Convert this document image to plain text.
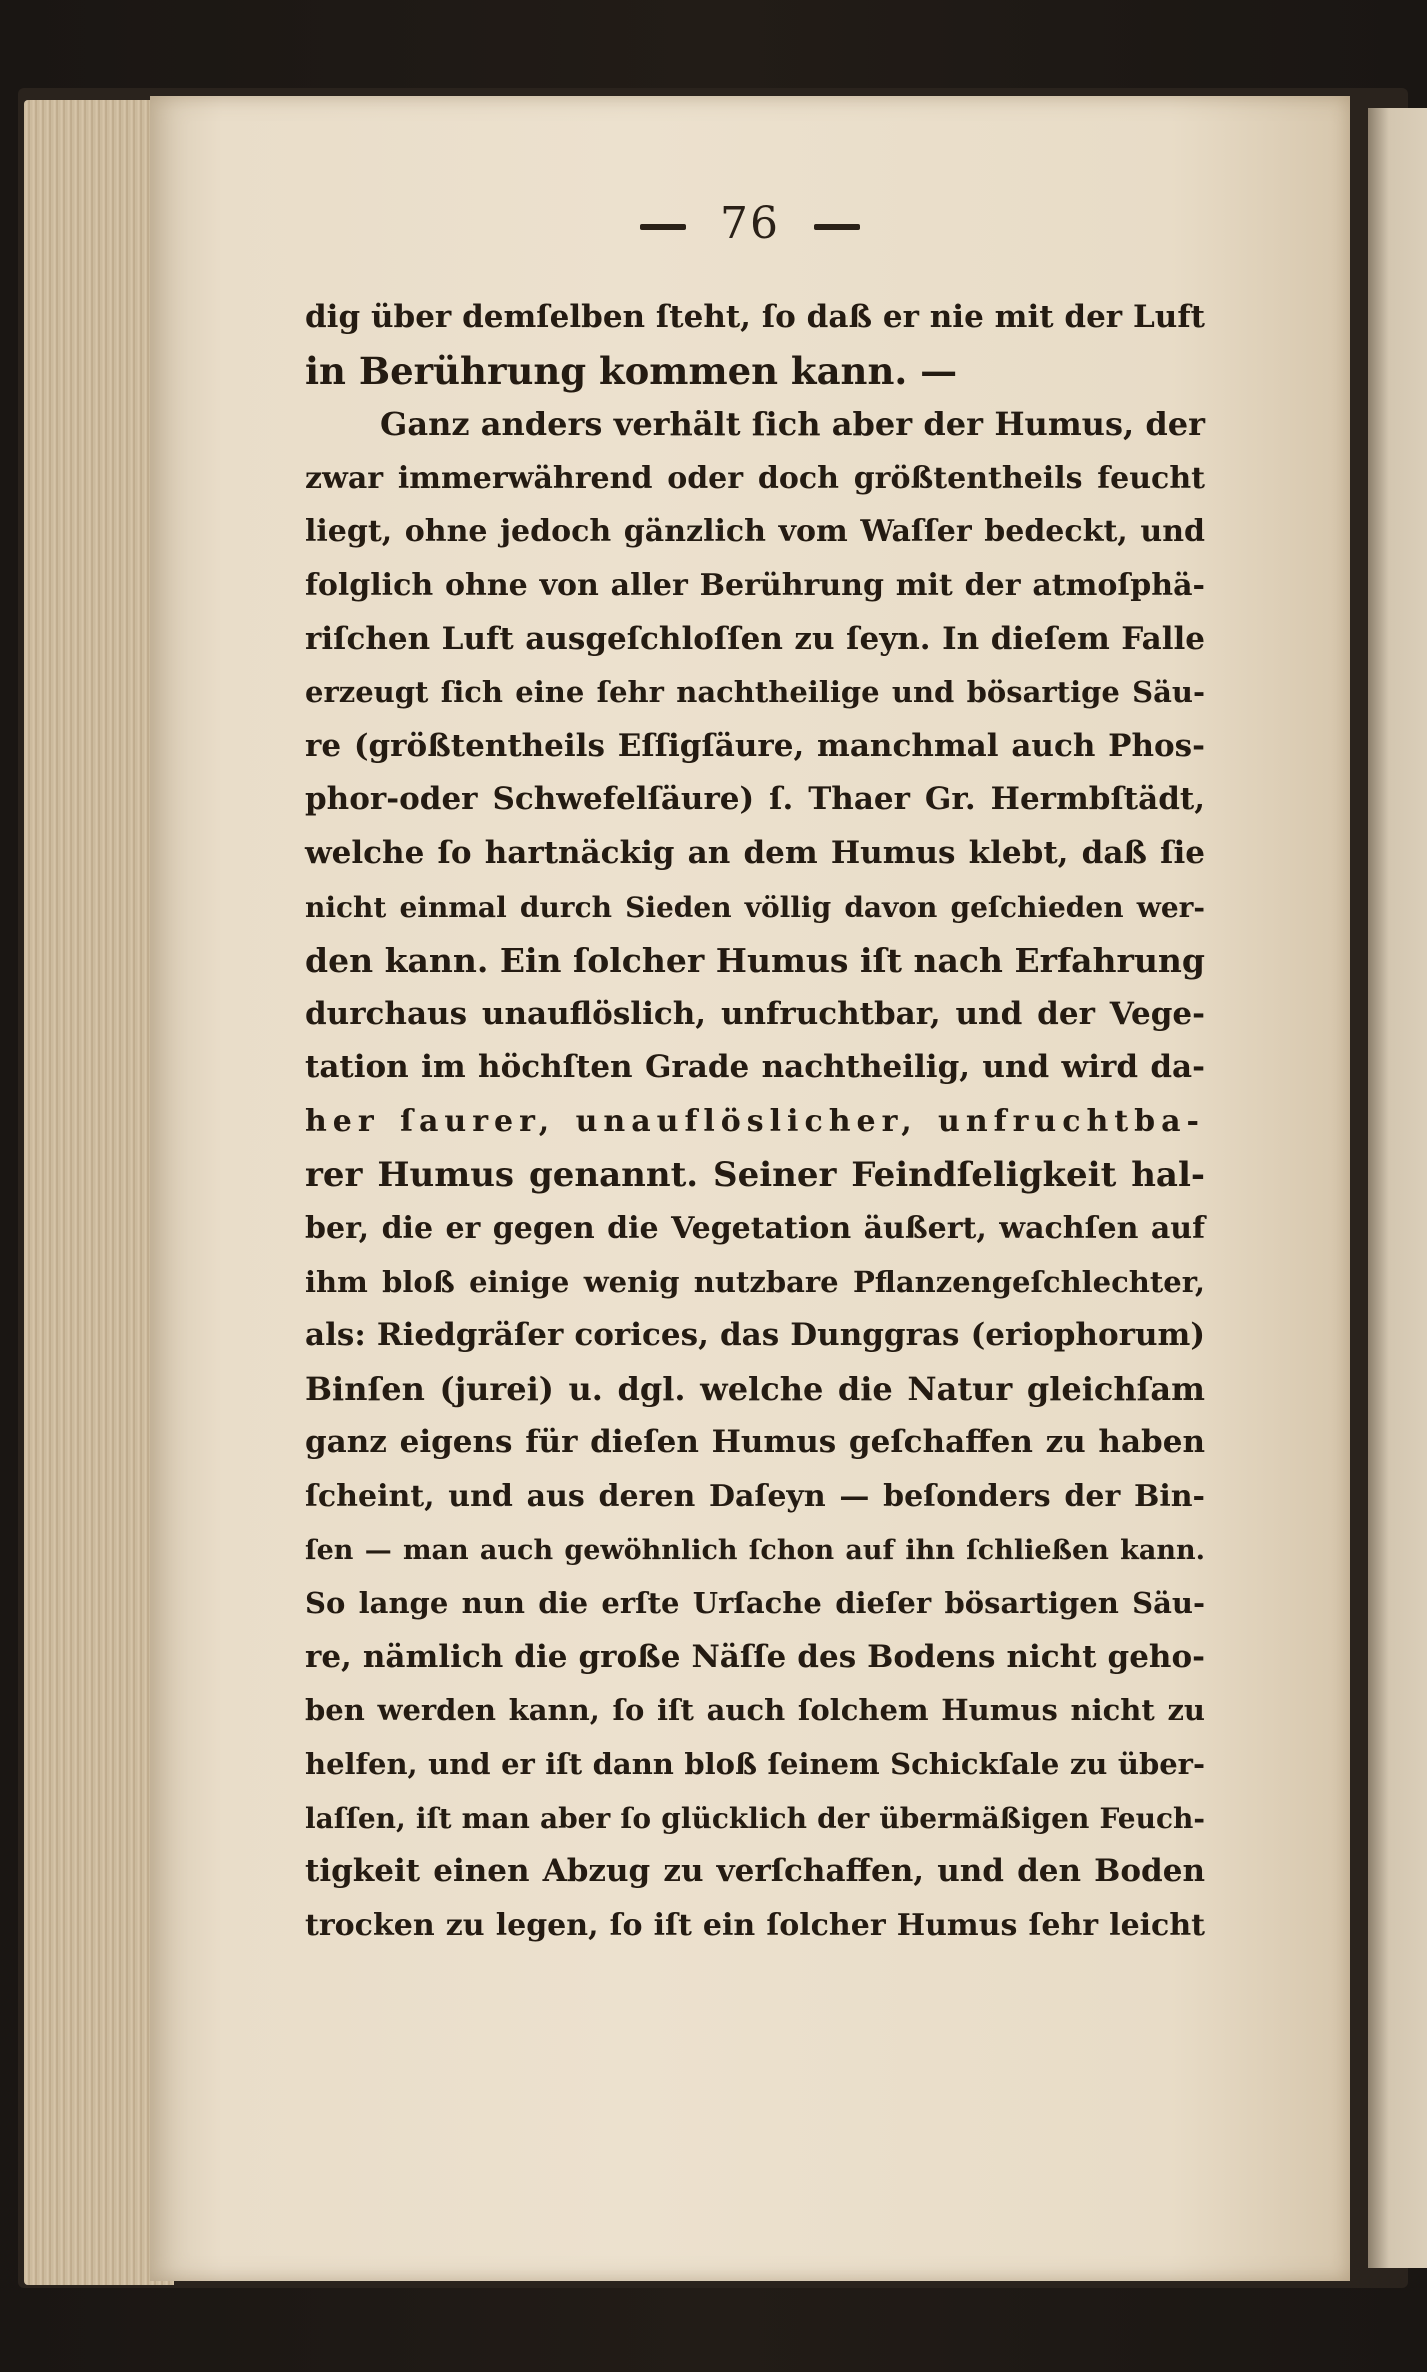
76
dig über demſelben ſteht, ſo daß er nie mit der Luft
in Berührung kommen kann. —
Ganz anders verhält ſich aber der Humus, der
zwar immerwährend oder doch größtentheils feucht
liegt, ohne jedoch gänzlich vom Waſſer bedeckt, und
folglich ohne von aller Berührung mit der atmoſphä-
riſchen Luft ausgeſchloſſen zu ſeyn. In dieſem Falle
erzeugt ſich eine ſehr nachtheilige und bösartige Säu-
re (größtentheils Eſſigſäure, manchmal auch Phos-
phor-oder Schwefelſäure) ſ. Thaer Gr. Hermbſtädt,
welche ſo hartnäckig an dem Humus klebt, daß ſie
nicht einmal durch Sieden völlig davon geſchieden wer-
den kann. Ein ſolcher Humus iſt nach Erfahrung
durchaus unauflöslich, unfruchtbar, und der Vege-
tation im höchſten Grade nachtheilig, und wird da-
her ſaurer, unauflöslicher, unfruchtba-
rer Humus genannt. Seiner Feindſeligkeit hal-
ber, die er gegen die Vegetation äußert, wachſen auf
ihm bloß einige wenig nutzbare Pflanzengeſchlechter,
als: Riedgräſer corices, das Dunggras (eriophorum)
Binſen (jurei) u. dgl. welche die Natur gleichſam
ganz eigens für dieſen Humus geſchaffen zu haben
ſcheint, und aus deren Daſeyn — beſonders der Bin-
ſen — man auch gewöhnlich ſchon auf ihn ſchließen kann.
So lange nun die erſte Urſache dieſer bösartigen Säu-
re, nämlich die große Näſſe des Bodens nicht geho-
ben werden kann, ſo iſt auch ſolchem Humus nicht zu
helfen, und er iſt dann bloß ſeinem Schickſale zu über-
laſſen, iſt man aber ſo glücklich der übermäßigen Feuch-
tigkeit einen Abzug zu verſchaffen, und den Boden
trocken zu legen, ſo iſt ein ſolcher Humus ſehr leicht
